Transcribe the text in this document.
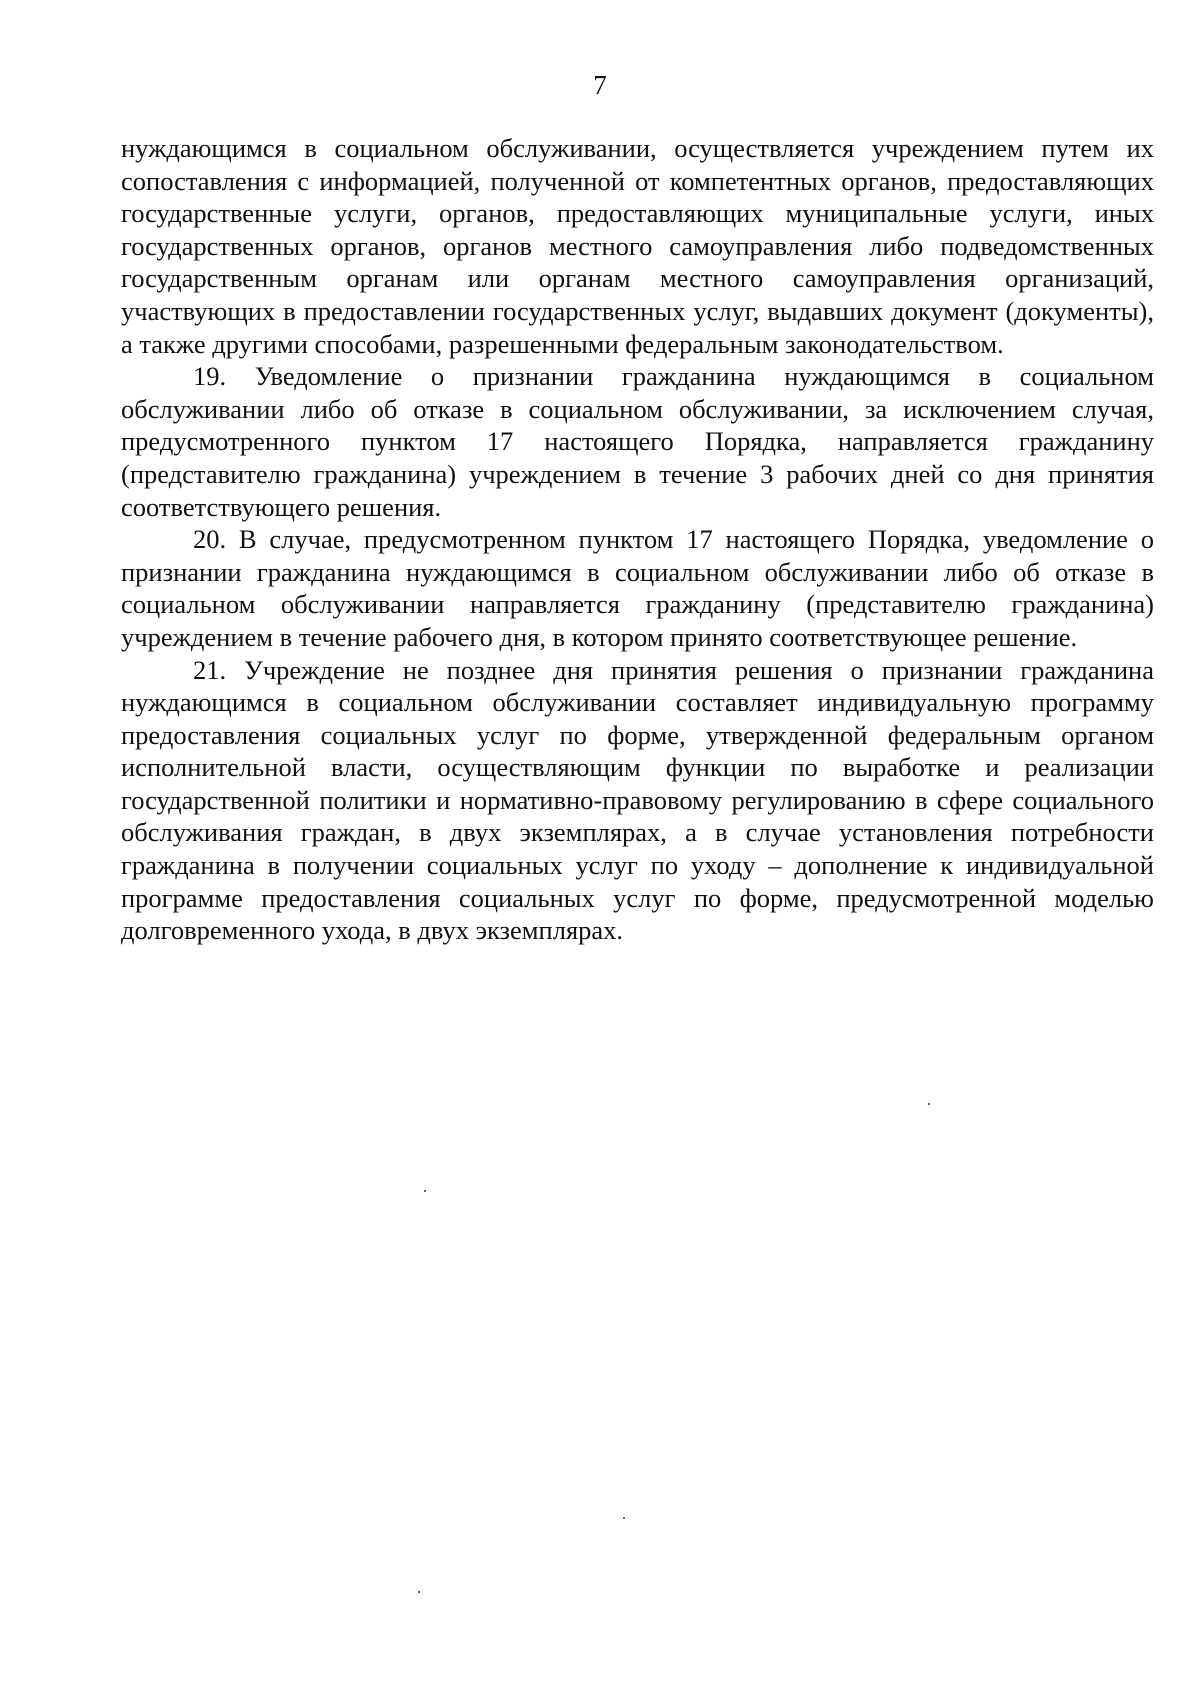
7

нуждающимся в социальном обслуживании, осуществляется учреждением путем их сопоставления с информацией, полученной от компетентных органов, предоставляющих государственные услуги, органов, предоставляющих муниципальные услуги, иных государственных органов, органов местного самоуправления либо подведомственных государственным органам или органам местного самоуправления организаций, участвующих в предоставлении государственных услуг, выдавших документ (документы), а также другими способами, разрешенными федеральным законодательством.

19. Уведомление о признании гражданина нуждающимся в социальном обслуживании либо об отказе в социальном обслуживании, за исключением случая, предусмотренного пунктом 17 настоящего Порядка, направляется гражданину (представителю гражданина) учреждением в течение 3 рабочих дней со дня принятия соответствующего решения.

20. В случае, предусмотренном пунктом 17 настоящего Порядка, уведомление о признании гражданина нуждающимся в социальном обслуживании либо об отказе в социальном обслуживании направляется гражданину (представителю гражданина) учреждением в течение рабочего дня, в котором принято соответствующее решение.

21. Учреждение не позднее дня принятия решения о признании гражданина нуждающимся в социальном обслуживании составляет индивидуальную программу предоставления социальных услуг по форме, утвержденной федеральным органом исполнительной власти, осуществляющим функции по выработке и реализации государственной политики и нормативно-правовому регулированию в сфере социального обслуживания граждан, в двух экземплярах, а в случае установления потребности гражданина в получении социальных услуг по уходу – дополнение к индивидуальной программе предоставления социальных услуг по форме, предусмотренной моделью долговременного ухода, в двух экземплярах.
